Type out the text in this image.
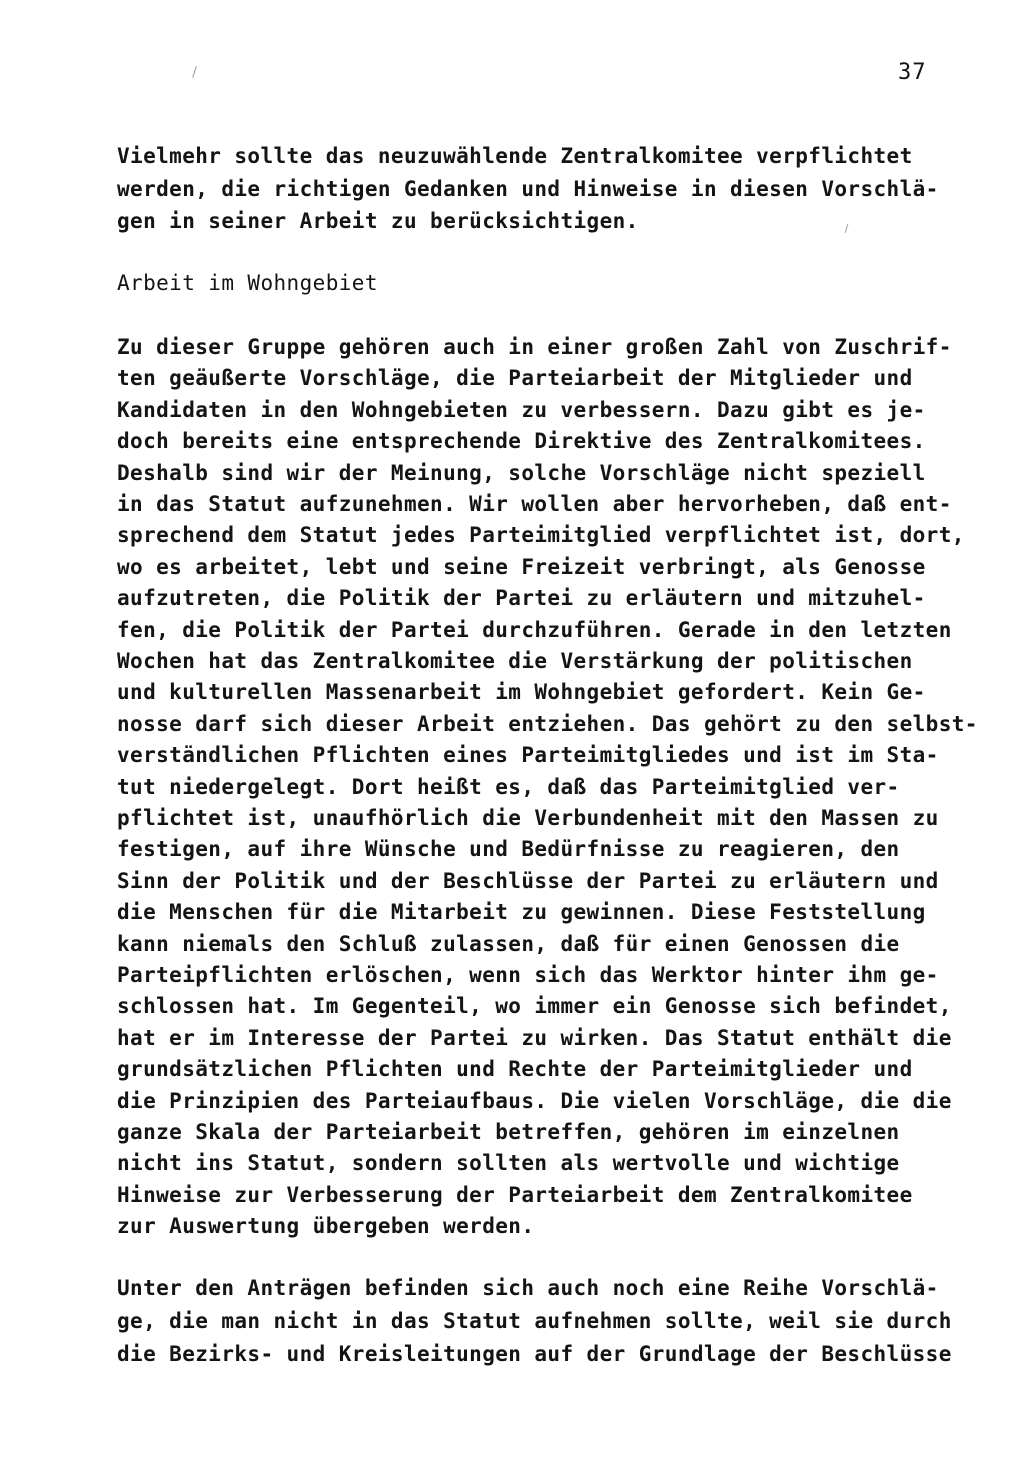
37
Vielmehr sollte das neuzuwählende Zentralkomitee verpflichtet
werden, die richtigen Gedanken und Hinweise in diesen Vorschlä-
gen in seiner Arbeit zu berücksichtigen.
Arbeit im Wohngebiet
Zu dieser Gruppe gehören auch in einer großen Zahl von Zuschrif-
ten geäußerte Vorschläge, die Parteiarbeit der Mitglieder und
Kandidaten in den Wohngebieten zu verbessern. Dazu gibt es je-
doch bereits eine entsprechende Direktive des Zentralkomitees.
Deshalb sind wir der Meinung, solche Vorschläge nicht speziell
in das Statut aufzunehmen. Wir wollen aber hervorheben, daß ent-
sprechend dem Statut jedes Parteimitglied verpflichtet ist, dort,
wo es arbeitet, lebt und seine Freizeit verbringt, als Genosse
aufzutreten, die Politik der Partei zu erläutern und mitzuhel-
fen, die Politik der Partei durchzuführen. Gerade in den letzten
Wochen hat das Zentralkomitee die Verstärkung der politischen
und kulturellen Massenarbeit im Wohngebiet gefordert. Kein Ge-
nosse darf sich dieser Arbeit entziehen. Das gehört zu den selbst-
verständlichen Pflichten eines Parteimitgliedes und ist im Sta-
tut niedergelegt. Dort heißt es, daß das Parteimitglied ver-
pflichtet ist, unaufhörlich die Verbundenheit mit den Massen zu
festigen, auf ihre Wünsche und Bedürfnisse zu reagieren, den
Sinn der Politik und der Beschlüsse der Partei zu erläutern und
die Menschen für die Mitarbeit zu gewinnen. Diese Feststellung
kann niemals den Schluß zulassen, daß für einen Genossen die
Parteipflichten erlöschen, wenn sich das Werktor hinter ihm ge-
schlossen hat. Im Gegenteil, wo immer ein Genosse sich befindet,
hat er im Interesse der Partei zu wirken. Das Statut enthält die
grundsätzlichen Pflichten und Rechte der Parteimitglieder und
die Prinzipien des Parteiaufbaus. Die vielen Vorschläge, die die
ganze Skala der Parteiarbeit betreffen, gehören im einzelnen
nicht ins Statut, sondern sollten als wertvolle und wichtige
Hinweise zur Verbesserung der Parteiarbeit dem Zentralkomitee
zur Auswertung übergeben werden.
Unter den Anträgen befinden sich auch noch eine Reihe Vorschlä-
ge, die man nicht in das Statut aufnehmen sollte, weil sie durch
die Bezirks- und Kreisleitungen auf der Grundlage der Beschlüsse
